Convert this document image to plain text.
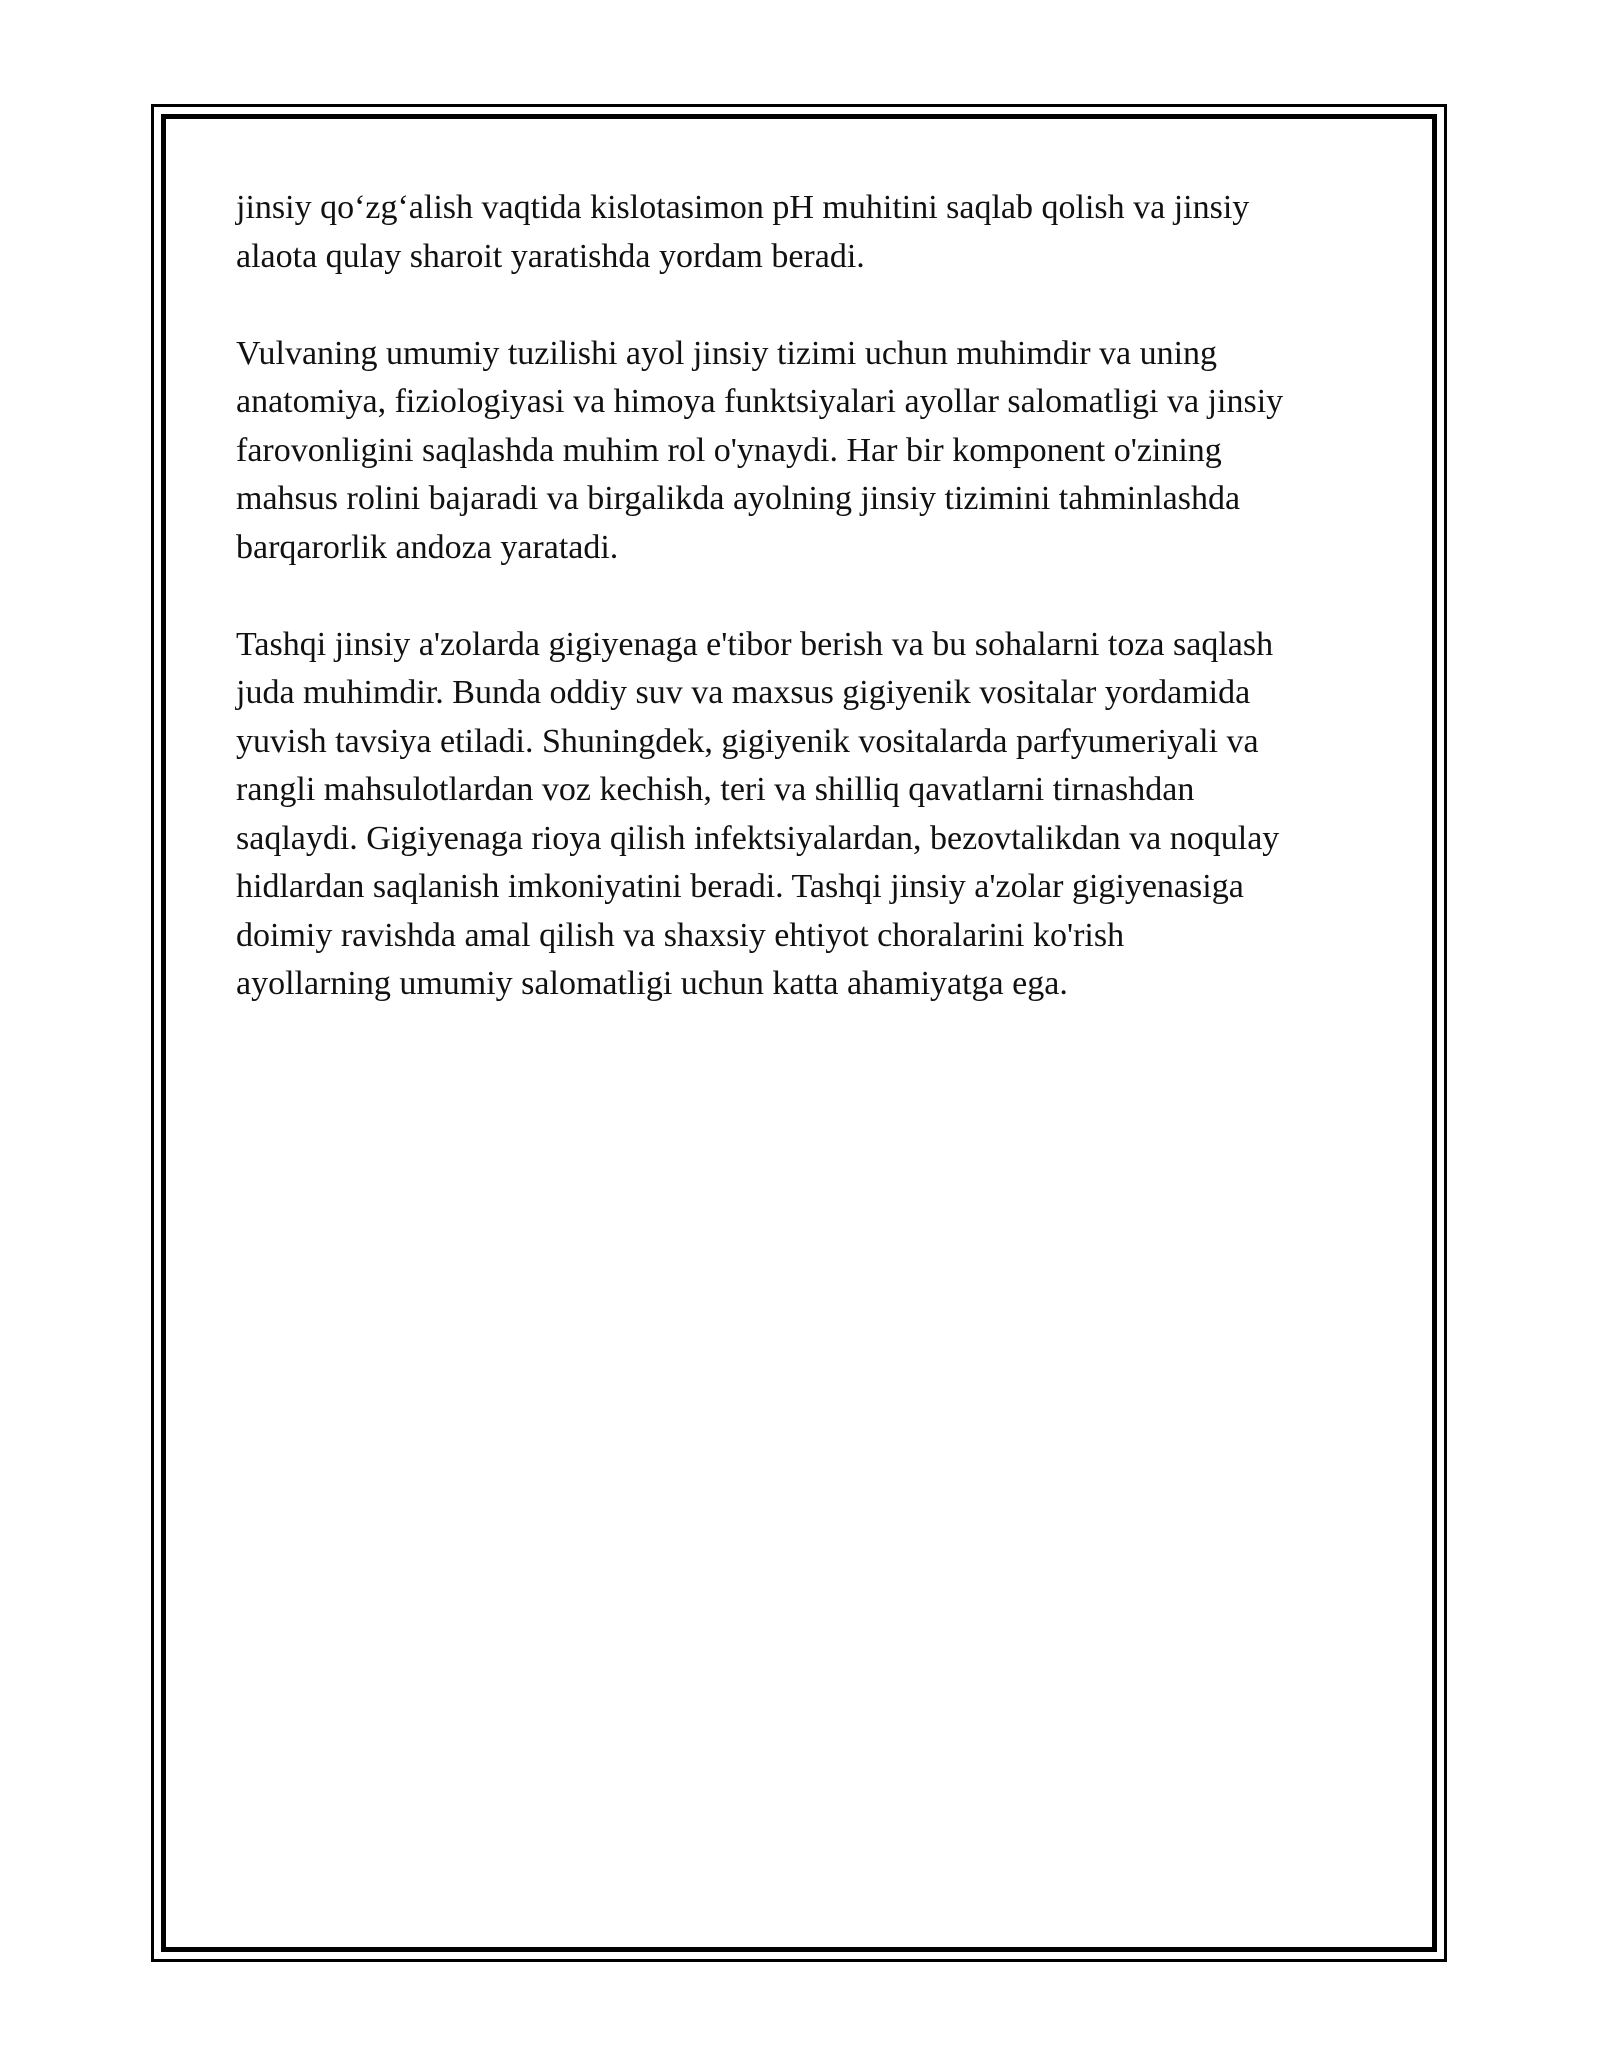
jinsiy qo‘zg‘alish vaqtida kislotasimon pH muhitini saqlab qolish va jinsiy
alaota qulay sharoit yaratishda yordam beradi.

Vulvaning umumiy tuzilishi ayol jinsiy tizimi uchun muhimdir va uning
anatomiya, fiziologiyasi va himoya funktsiyalari ayollar salomatligi va jinsiy
farovonligini saqlashda muhim rol o'ynaydi. Har bir komponent o'zining
mahsus rolini bajaradi va birgalikda ayolning jinsiy tizimini tahminlashda
barqarorlik andoza yaratadi.

Tashqi jinsiy a'zolarda gigiyenaga e'tibor berish va bu sohalarni toza saqlash
juda muhimdir. Bunda oddiy suv va maxsus gigiyenik vositalar yordamida
yuvish tavsiya etiladi. Shuningdek, gigiyenik vositalarda parfyumeriyali va
rangli mahsulotlardan voz kechish, teri va shilliq qavatlarni tirnashdan
saqlaydi. Gigiyenaga rioya qilish infektsiyalardan, bezovtalikdan va noqulay
hidlardan saqlanish imkoniyatini beradi. Tashqi jinsiy a'zolar gigiyenasiga
doimiy ravishda amal qilish va shaxsiy ehtiyot choralarini ko'rish
ayollarning umumiy salomatligi uchun katta ahamiyatga ega.
